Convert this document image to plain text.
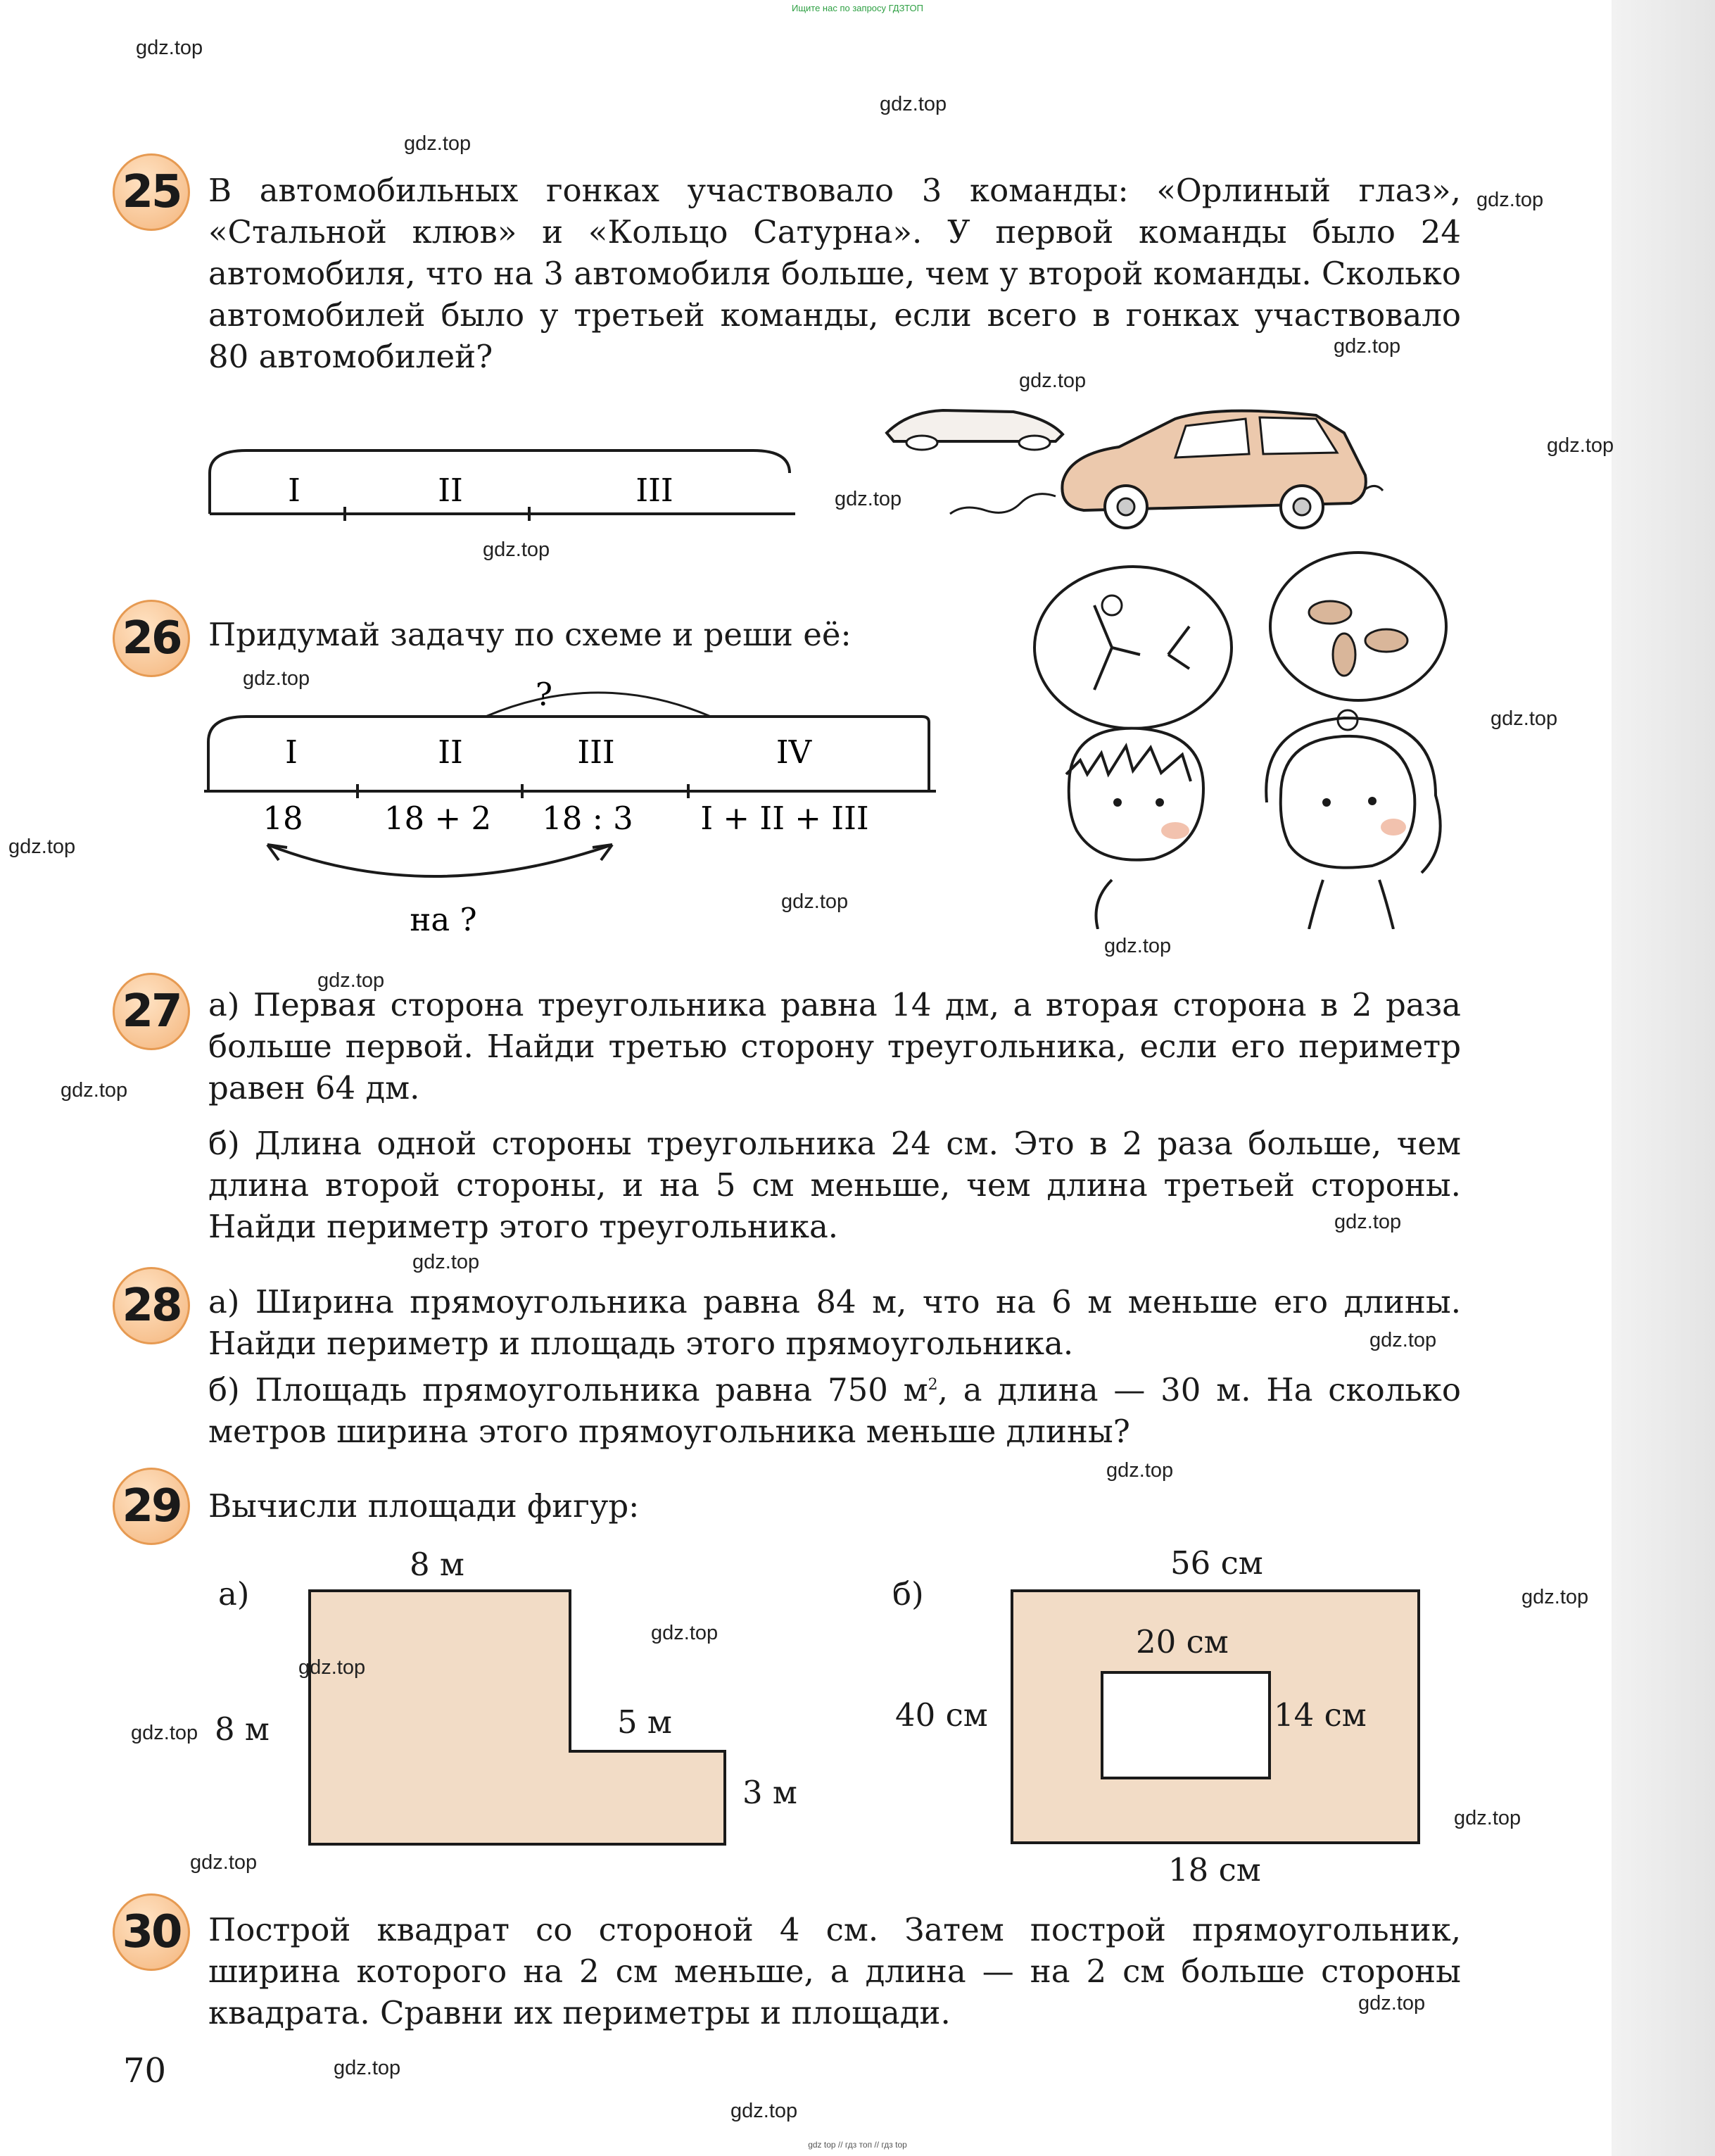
Ищите нас по запросу ГДЗТОП
25 В автомобильных гонках участвовало 3 команды: «Орлиный глаз», «Стальной клюв» и «Кольцо Сатурна». У первой команды было 24 автомобиля, что на 3 автомобиля больше, чем у второй команды. Сколько автомобилей было у третьей команды, если всего в гонках участвовало 80 автомобилей?
I	II	III
26 Придумай задачу по схеме и реши её:
?
I	II	III	IV
18	18 + 2 18 : 3 I + II + III
на ?
27 а) Первая сторона треугольника равна 14 дм, а вторая сторона в 2 раза больше первой. Найди третью сторону треугольника, если его периметр равен 64 дм.
б) Длина одной стороны треугольника 24 см. Это в 2 раза больше, чем длина второй стороны, и на 5 см меньше, чем длина третьей стороны. Найди периметр этого треугольника.
28 а) Ширина прямоугольника равна 84 м, что на 6 м меньше его длины. Найди периметр и площадь этого прямоугольника.
б) Площадь прямоугольника равна 750 $м^2$, а длина — 30 м. На сколько метров ширина этого прямоугольника меньше длины?
29 Вычисли площади фигур:
а)
8 м
8 м	5 м
3 м
б)
56 см
20 см
40 см	14 см
18 см
30 Построй квадрат со стороной 4 см. Затем построй прямоугольник, ширина которого на 2 см меньше, а длина — на 2 см больше стороны квадрата. Сравни их периметры и площади.
70
gdz.top
gdz.top
gdz.top
gdz.top
gdz.top
gdz.top
gdz.top
gdz.top
gdz.top
gdz.top
gdz.top
gdz.top
gdz.top
gdz.top
gdz.top
gdz.top
gdz.top
gdz.top
gdz.top
gdz.top
gdz.top
gdz.top
gdz.top
gdz.top
gdz.top
gdz.top
gdz.top
gdz.top
gdz.top
gdz top // гдз топ // гдз top
